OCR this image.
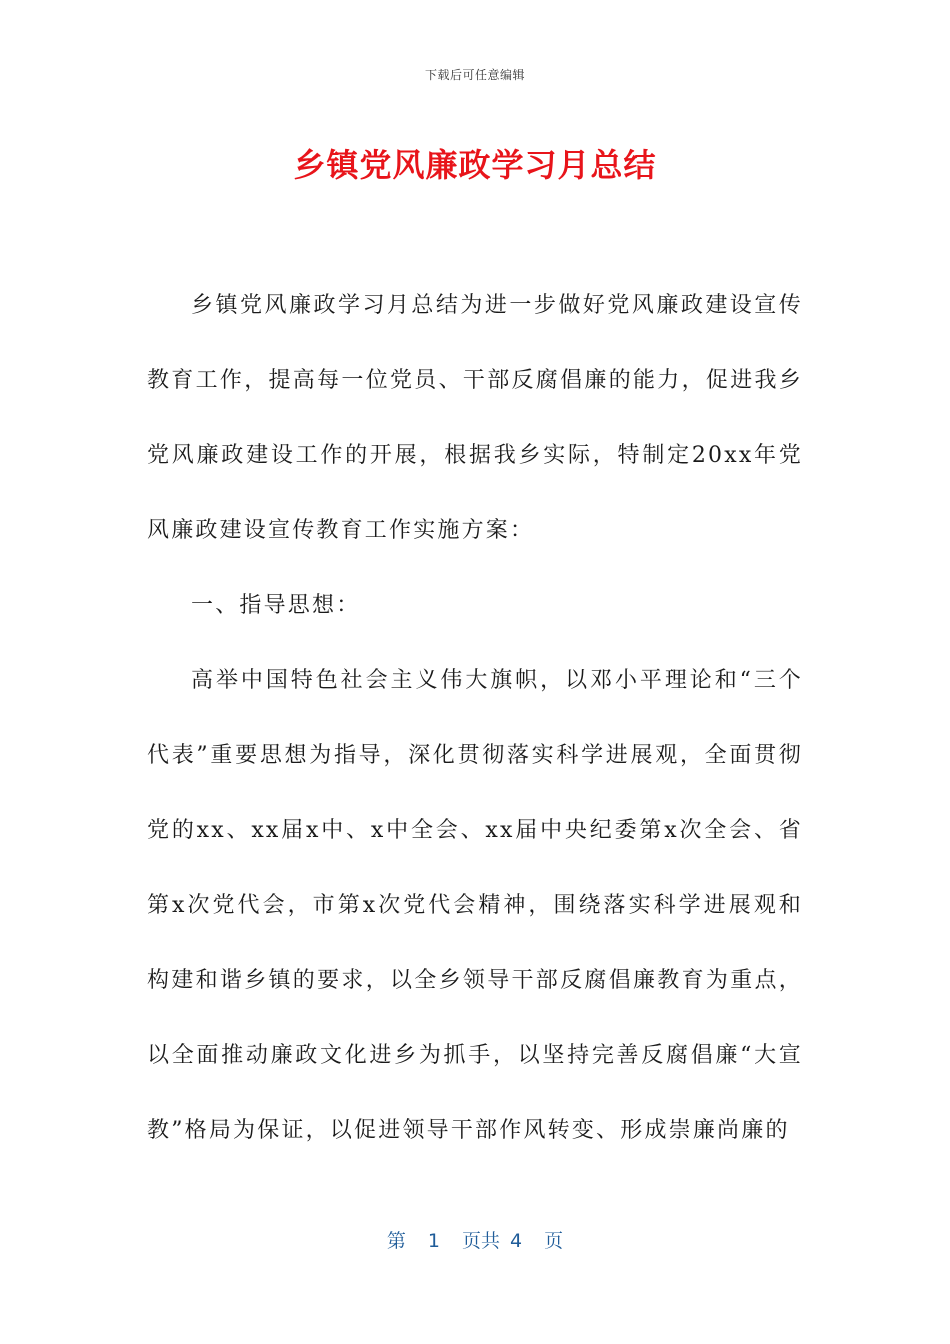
下载后可任意编辑
乡镇党风廉政学习月总结

乡镇党风廉政学习月总结为进一步做好党风廉政建设宣传教育工作，提高每一位党员、干部反腐倡廉的能力，促进我乡党风廉政建设工作的开展，根据我乡实际，特制定20xx年党风廉政建设宣传教育工作实施方案：

一、指导思想：

高举中国特色社会主义伟大旗帜，以邓小平理论和“三个代表”重要思想为指导，深化贯彻落实科学进展观，全面贯彻党的xx、xx届x中、x中全会、xx届中央纪委第x次全会、省第x次党代会，市第x次党代会精神，围绕落实科学进展观和构建和谐乡镇的要求，以全乡领导干部反腐倡廉教育为重点，以全面推动廉政文化进乡为抓手，以坚持完善反腐倡廉“大宣教”格局为保证，以促进领导干部作风转变、形成崇廉尚廉的

第 1 页共 4 页
